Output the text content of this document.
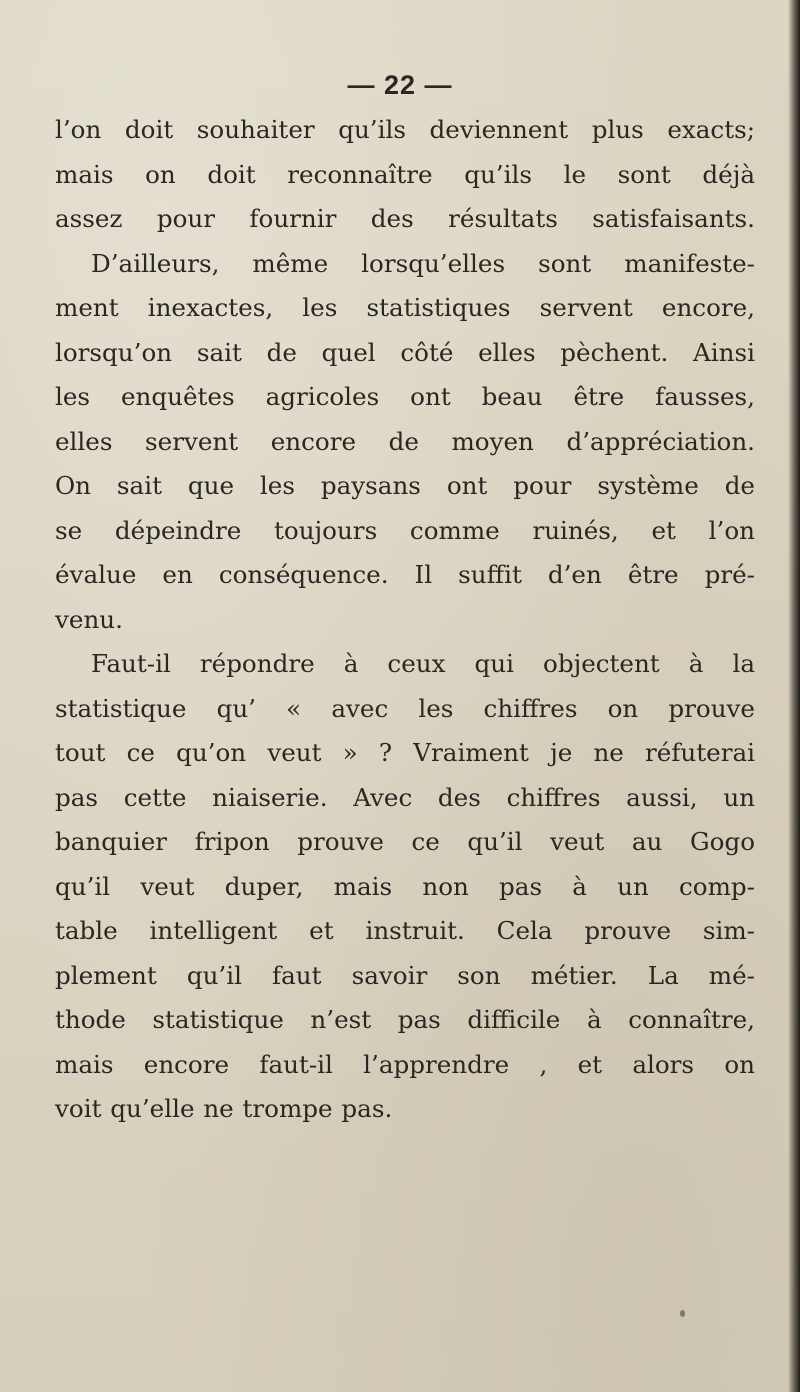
— 22 —
l’on doit souhaiter qu’ils deviennent plus exacts;
mais on doit reconnaître qu’ils le sont déjà
assez pour fournir des résultats satisfaisants.
D’ailleurs, même lorsqu’elles sont manifeste-
ment inexactes, les statistiques servent encore,
lorsqu’on sait de quel côté elles pèchent. Ainsi
les enquêtes agricoles ont beau être fausses,
elles servent encore de moyen d’appréciation.
On sait que les paysans ont pour système de
se dépeindre toujours comme ruinés, et l’on
évalue en conséquence. Il suffit d’en être pré-
venu.
Faut-il répondre à ceux qui objectent à la
statistique qu’ « avec les chiffres on prouve
tout ce qu’on veut » ? Vraiment je ne réfuterai
pas cette niaiserie. Avec des chiffres aussi, un
banquier fripon prouve ce qu’il veut au Gogo
qu’il veut duper, mais non pas à un comp-
table intelligent et instruit. Cela prouve sim-
plement qu’il faut savoir son métier. La mé-
thode statistique n’est pas difficile à connaître,
mais encore faut-il l’apprendre , et alors on
voit qu’elle ne trompe pas.
